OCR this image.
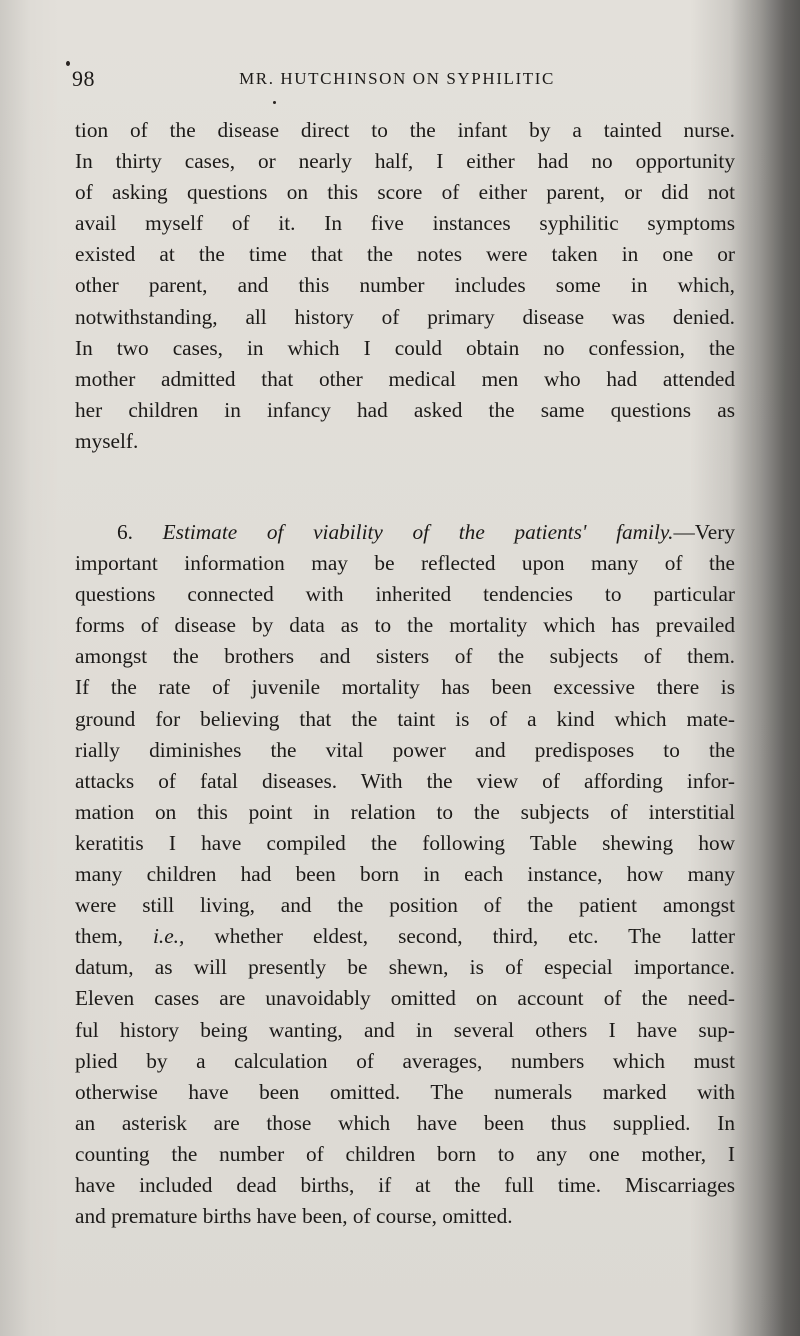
98	MR. HUTCHINSON ON SYPHILITIC
tion of the disease direct to the infant by a tainted nurse.
In thirty cases, or nearly half, I either had no opportunity
of asking questions on this score of either parent, or did not
avail myself of it. In five instances syphilitic symptoms
existed at the time that the notes were taken in one or
other parent, and this number includes some in which,
notwithstanding, all history of primary disease was denied.
In two cases, in which I could obtain no confession, the
mother admitted that other medical men who had attended
her children in infancy had asked the same questions as
myself.
6. Estimate of viability of the patients' family.—Very
important information may be reflected upon many of the
questions connected with inherited tendencies to particular
forms of disease by data as to the mortality which has prevailed
amongst the brothers and sisters of the subjects of them.
If the rate of juvenile mortality has been excessive there is
ground for believing that the taint is of a kind which mate-
rially diminishes the vital power and predisposes to the
attacks of fatal diseases. With the view of affording infor-
mation on this point in relation to the subjects of interstitial
keratitis I have compiled the following Table shewing how
many children had been born in each instance, how many
were still living, and the position of the patient amongst
them, i.e., whether eldest, second, third, etc. The latter
datum, as will presently be shewn, is of especial importance.
Eleven cases are unavoidably omitted on account of the need-
ful history being wanting, and in several others I have sup-
plied by a calculation of averages, numbers which must
otherwise have been omitted. The numerals marked with
an asterisk are those which have been thus supplied. In
counting the number of children born to any one mother, I
have included dead births, if at the full time. Miscarriages
and premature births have been, of course, omitted.
